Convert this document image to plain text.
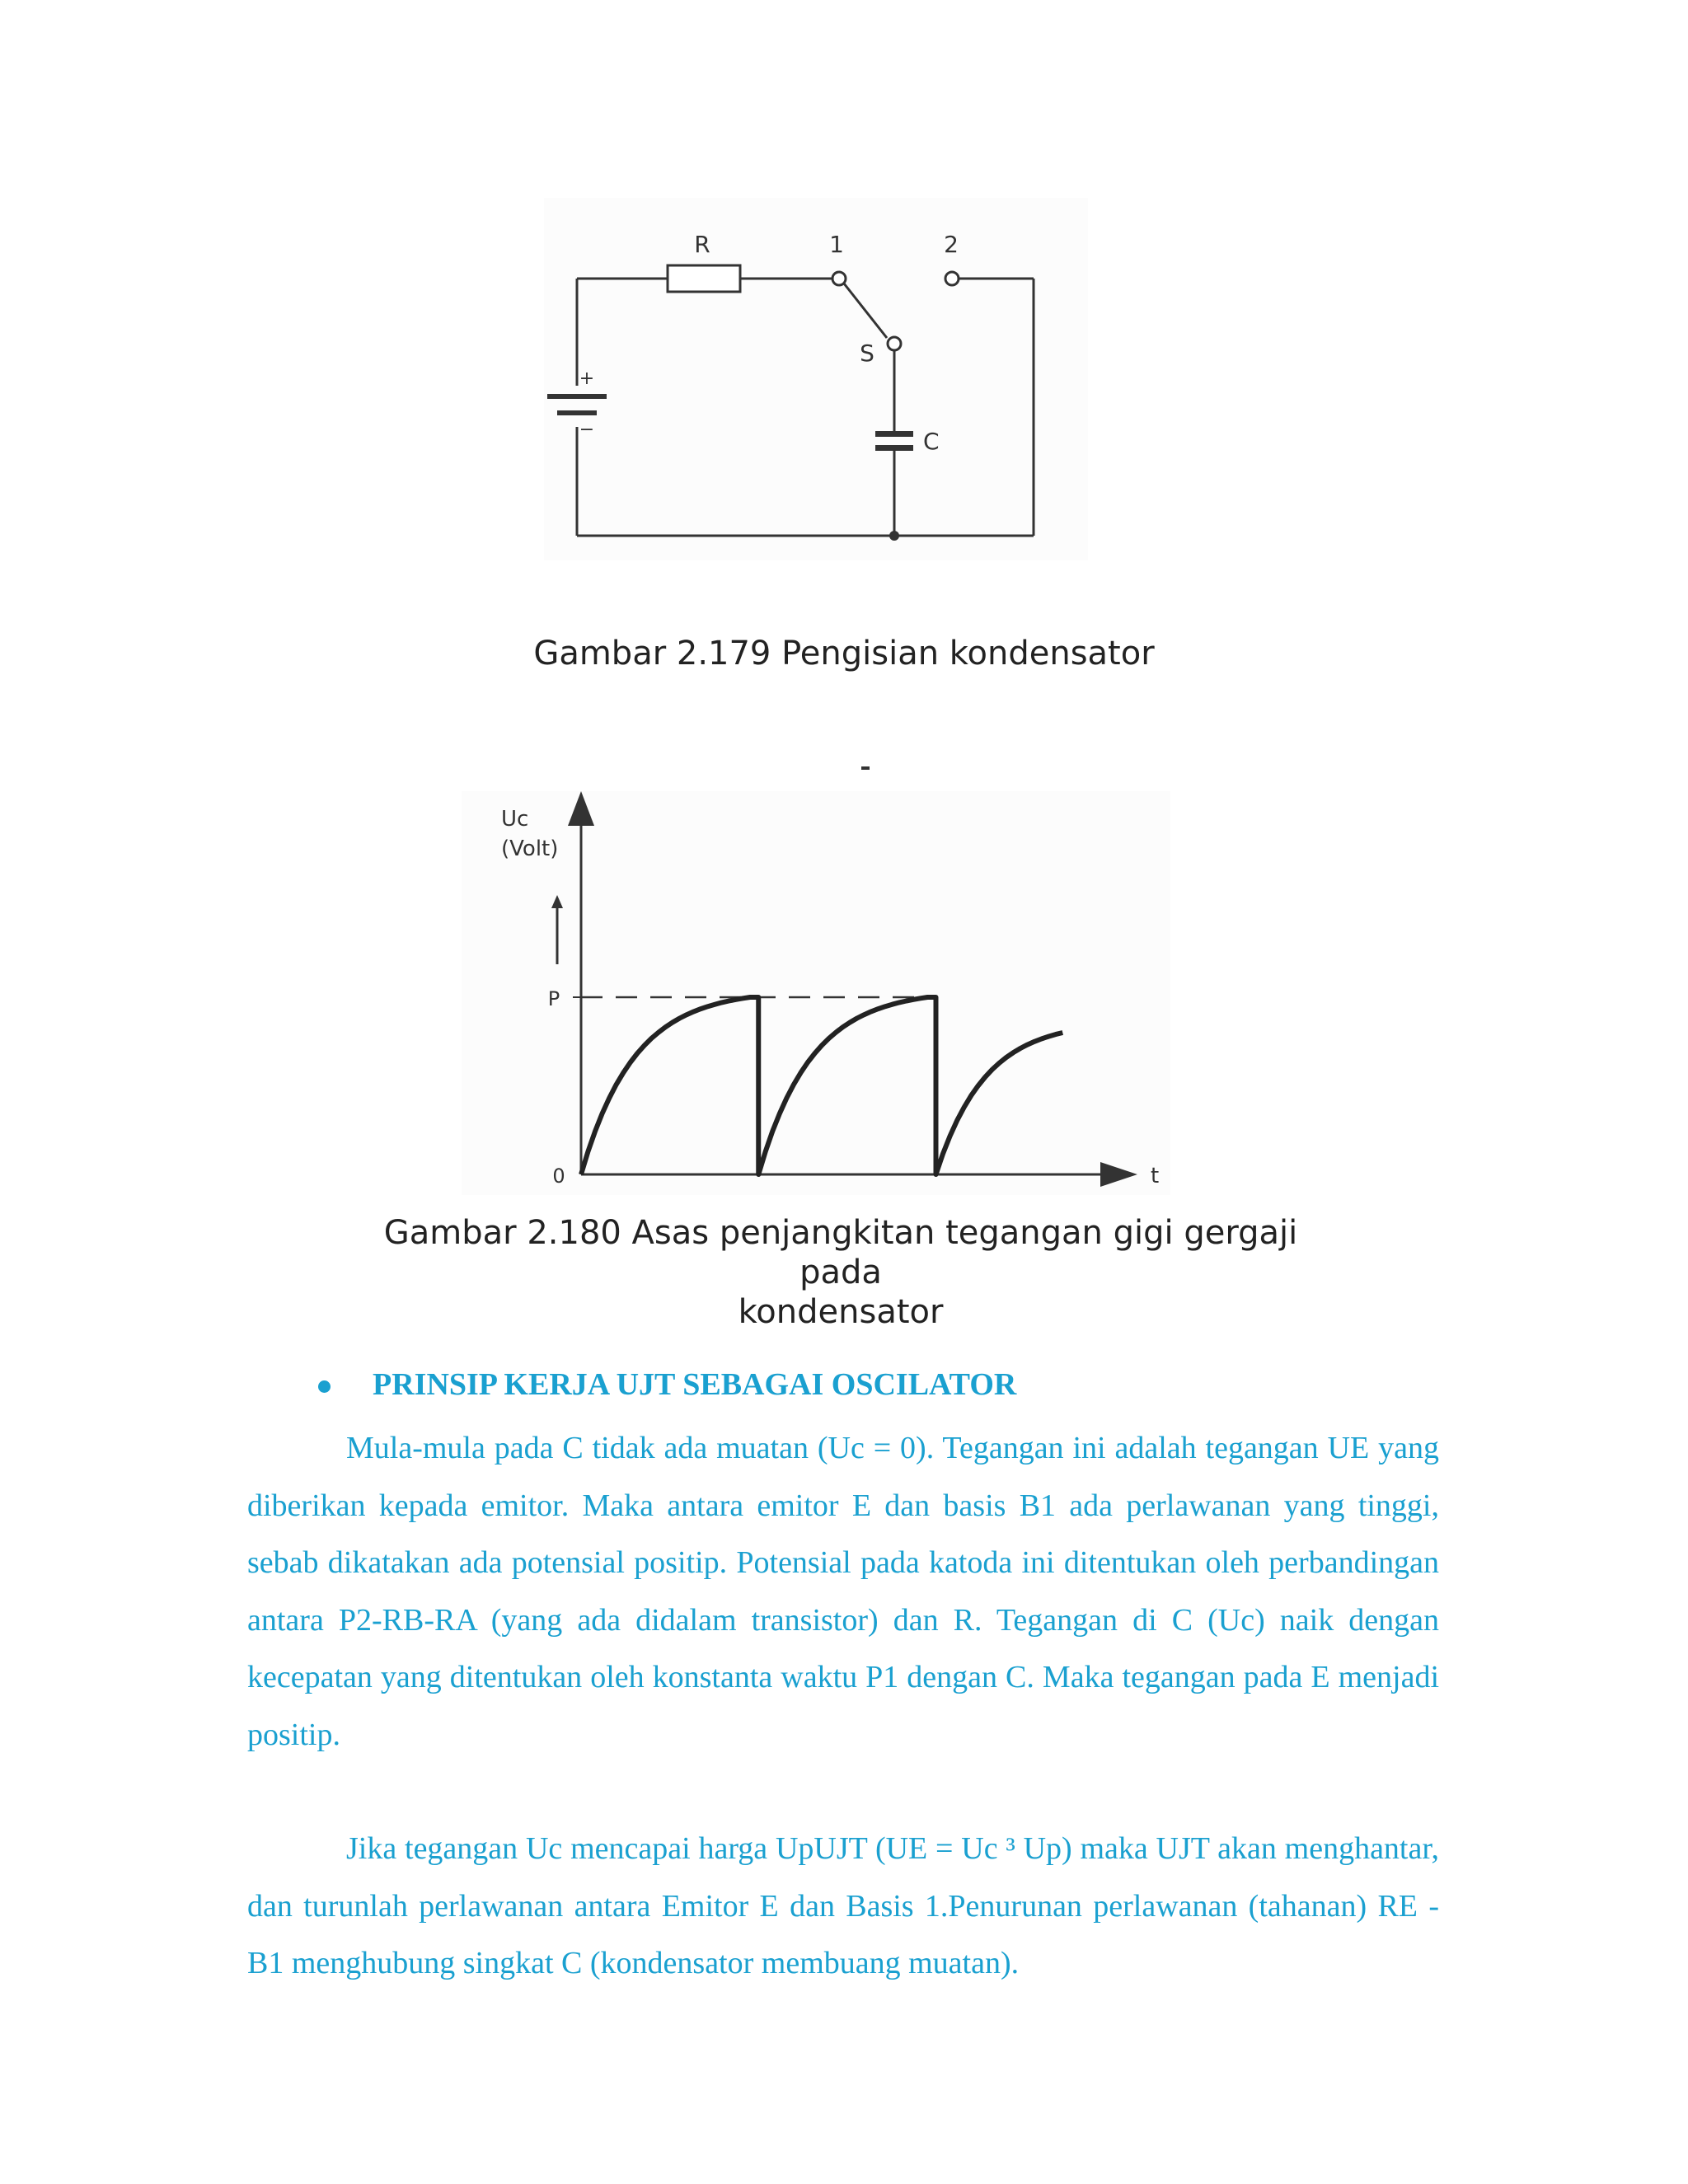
R	1	2
S
C
+
−
Gambar 2.179 Pengisian kondensator
Uc
(Volt)
P
0	t
Gambar 2.180 Asas penjangkitan tegangan gigi gergaji pada
kondensator
PRINSIP KERJA UJT SEBAGAI OSCILATOR

Mula-mula pada C tidak ada muatan (Uc = 0). Tegangan ini adalah tegangan UE yang diberikan kepada emitor. Maka antara emitor E dan basis B1 ada perlawanan yang tinggi, sebab dikatakan ada potensial positip. Potensial pada katoda ini ditentukan oleh perbandingan antara P2-RB-RA (yang ada didalam transistor) dan R. Tegangan di C (Uc) naik dengan kecepatan yang ditentukan oleh konstanta waktu P1 dengan C. Maka tegangan pada E menjadi positip.

Jika tegangan Uc mencapai harga UpUJT (UE = Uc ³ Up) maka UJT akan menghantar, dan turunlah perlawanan antara Emitor E dan Basis 1.Penurunan perlawanan (tahanan) RE - B1 menghubung singkat C (kondensator membuang muatan).
